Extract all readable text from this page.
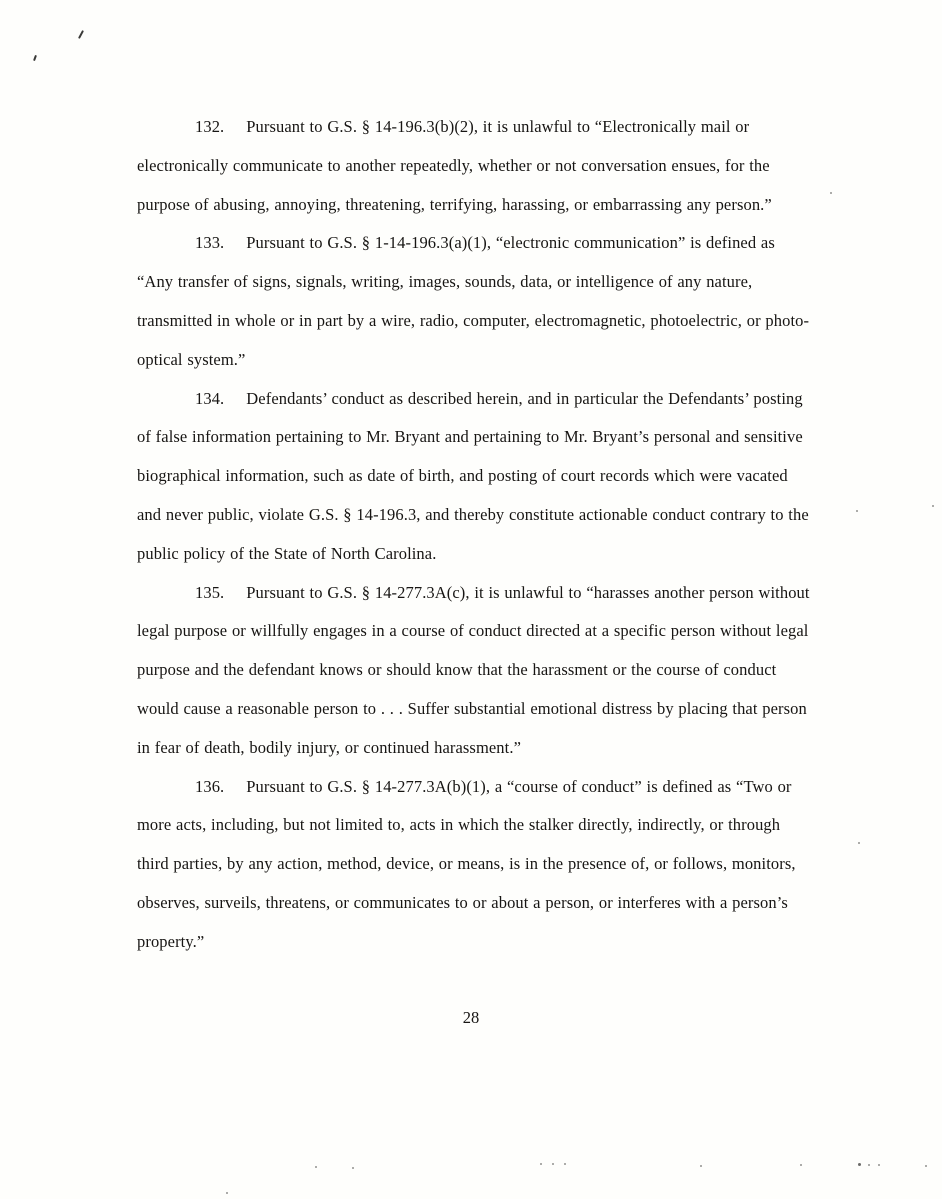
132. Pursuant to G.S. § 14-196.3(b)(2), it is unlawful to “Electronically mail or electronically communicate to another repeatedly, whether or not conversation ensues, for the purpose of abusing, annoying, threatening, terrifying, harassing, or embarrassing any person.”

133. Pursuant to G.S. § 1-14-196.3(a)(1), “electronic communication” is defined as “Any transfer of signs, signals, writing, images, sounds, data, or intelligence of any nature, transmitted in whole or in part by a wire, radio, computer, electromagnetic, photoelectric, or photo-optical system.”

134. Defendants’ conduct as described herein, and in particular the Defendants’ posting of false information pertaining to Mr. Bryant and pertaining to Mr. Bryant’s personal and sensitive biographical information, such as date of birth, and posting of court records which were vacated and never public, violate G.S. § 14-196.3, and thereby constitute actionable conduct contrary to the public policy of the State of North Carolina.

135. Pursuant to G.S. § 14-277.3A(c), it is unlawful to “harasses another person without legal purpose or willfully engages in a course of conduct directed at a specific person without legal purpose and the defendant knows or should know that the harassment or the course of conduct would cause a reasonable person to . . . Suffer substantial emotional distress by placing that person in fear of death, bodily injury, or continued harassment.”

136. Pursuant to G.S. § 14-277.3A(b)(1), a “course of conduct” is defined as “Two or more acts, including, but not limited to, acts in which the stalker directly, indirectly, or through third parties, by any action, method, device, or means, is in the presence of, or follows, monitors, observes, surveils, threatens, or communicates to or about a person, or interferes with a person’s property.”

28
